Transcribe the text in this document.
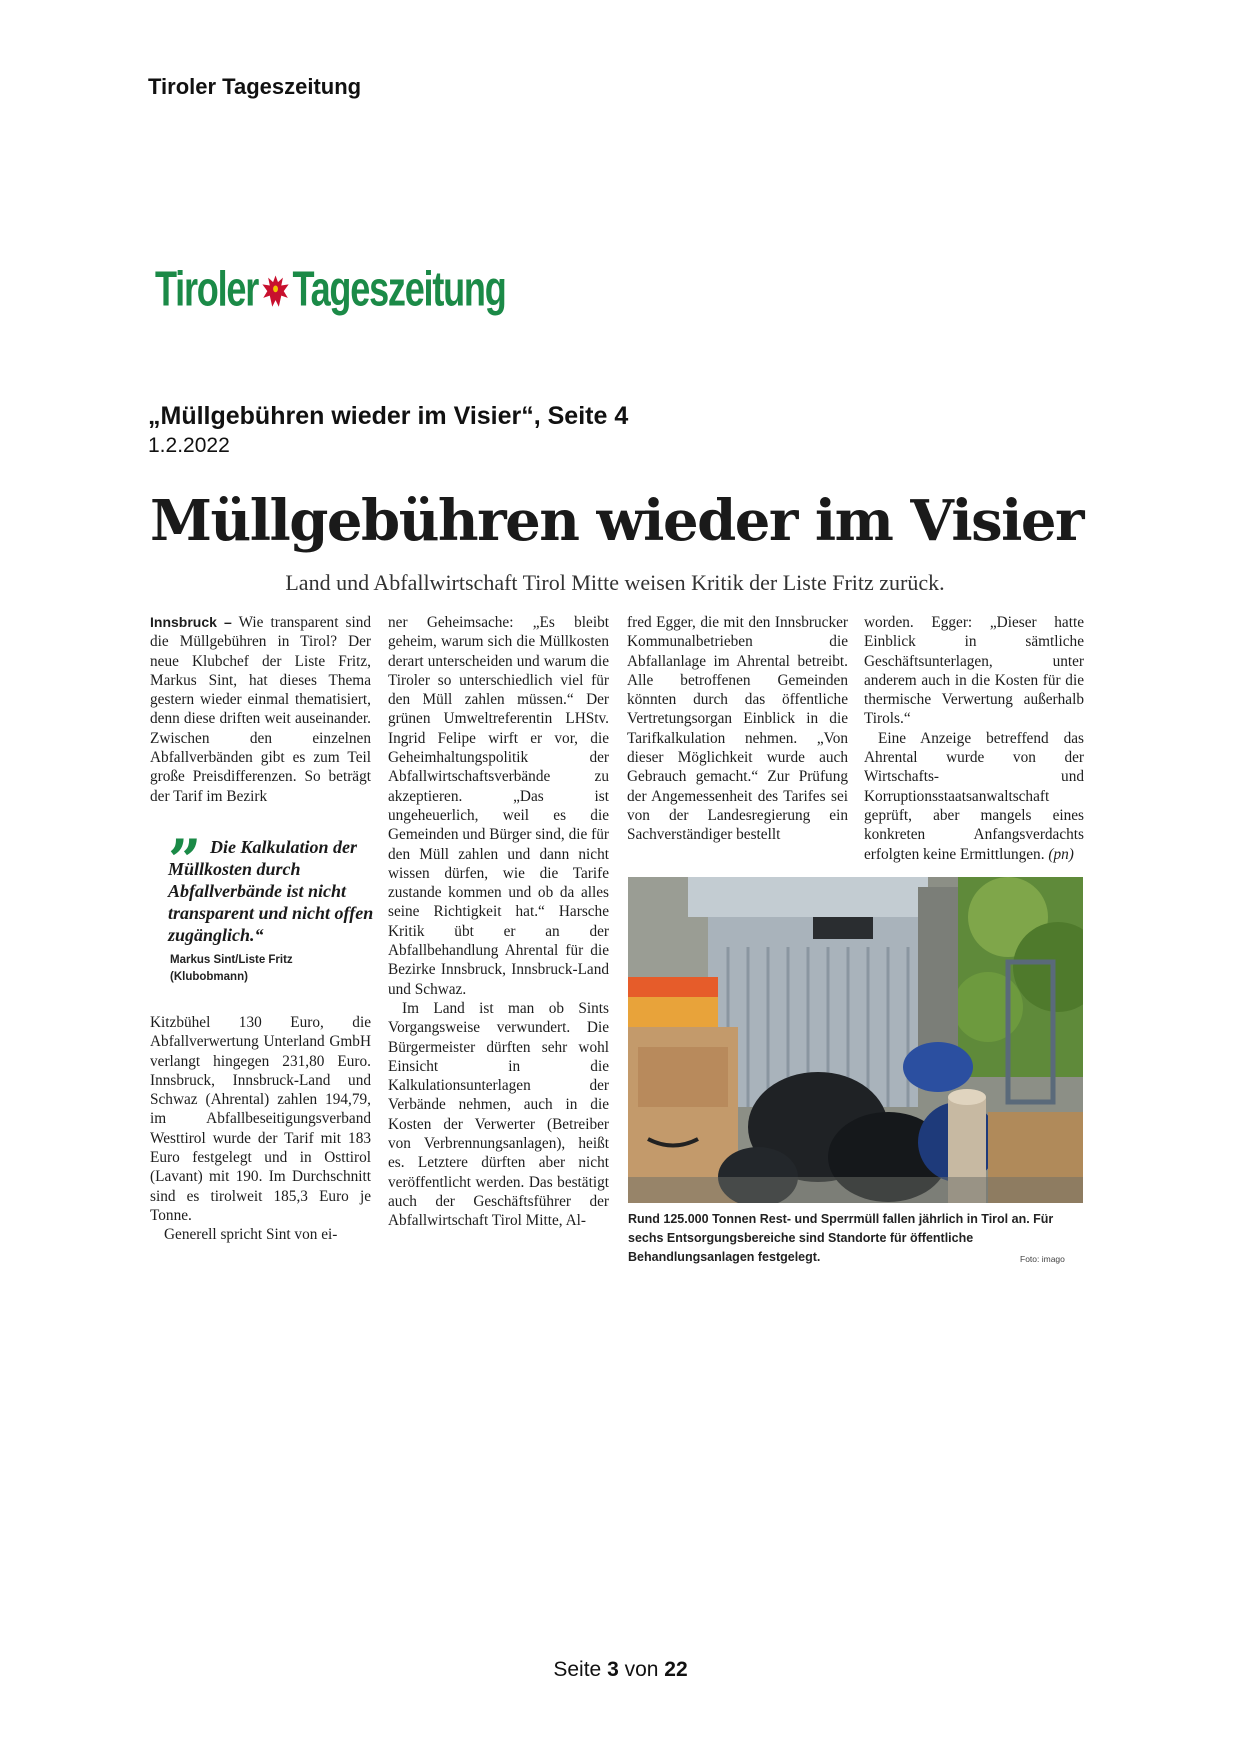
Tiroler Tageszeitung
Tiroler Tageszeitung
„Müllgebühren wieder im Visier“, Seite 4
1.2.2022
Müllgebühren wieder im Visier
Land und Abfallwirtschaft Tirol Mitte weisen Kritik der Liste Fritz zurück.

Innsbruck – Wie transparent sind die Müllgebühren in Tirol? Der neue Klubchef der Liste Fritz, Markus Sint, hat dieses Thema gestern wieder einmal thematisiert, denn diese driften weit auseinander. Zwischen den einzelnen Abfallverbänden gibt es zum Teil große Preisdifferenzen. So beträgt der Tarif im Bezirk

” Die Kalkulation der Müllkosten durch Abfallverbände ist nicht transparent und nicht offen zugänglich.“

Markus Sint/Liste Fritz
(Klubobmann)

Kitzbühel 130 Euro, die Abfallverwertung Unterland GmbH verlangt hingegen 231,80 Euro. Innsbruck, Innsbruck-Land und Schwaz (Ahrental) zahlen 194,79, im Abfallbeseitigungsverband Westtirol wurde der Tarif mit 183 Euro festgelegt und in Osttirol (Lavant) mit 190. Im Durchschnitt sind es tirolweit 185,3 Euro je Tonne.

Generell spricht Sint von ei-

ner Geheimsache: „Es bleibt geheim, warum sich die Müllkosten derart unterscheiden und warum die Tiroler so unterschiedlich viel für den Müll zahlen müssen.“ Der grünen Umweltreferentin LHStv. Ingrid Felipe wirft er vor, die Geheimhaltungspolitik der Abfallwirtschaftsverbände zu akzeptieren. „Das ist ungeheuerlich, weil es die Gemeinden und Bürger sind, die für den Müll zahlen und dann nicht wissen dürfen, wie die Tarife zustande kommen und ob da alles seine Richtigkeit hat.“ Harsche Kritik übt er an der Abfallbehandlung Ahrental für die Bezirke Innsbruck, Innsbruck-Land und Schwaz.

Im Land ist man ob Sints Vorgangsweise verwundert. Die Bürgermeister dürften sehr wohl Einsicht in die Kalkulationsunterlagen der Verbände nehmen, auch in die Kosten der Verwerter (Betreiber von Verbrennungsanlagen), heißt es. Letztere dürften aber nicht veröffentlicht werden. Das bestätigt auch der Geschäftsführer der Abfallwirtschaft Tirol Mitte, Al-

fred Egger, die mit den Innsbrucker Kommunalbetrieben die Abfallanlage im Ahrental betreibt. Alle betroffenen Gemeinden könnten durch das öffentliche Vertretungsorgan Einblick in die Tarifkalkulation nehmen. „Von dieser Möglichkeit wurde auch Gebrauch gemacht.“ Zur Prüfung der Angemessenheit des Tarifes sei von der Landesregierung ein Sachverständiger bestellt

worden. Egger: „Dieser hatte Einblick in sämtliche Geschäftsunterlagen, unter anderem auch in die Kosten für die thermische Verwertung außerhalb Tirols.“

Eine Anzeige betreffend das Ahrental wurde von der Wirtschafts- und Korruptionsstaatsanwaltschaft geprüft, aber mangels eines konkreten Anfangsverdachts erfolgten keine Ermittlungen. (pn)

Rund 125.000 Tonnen Rest- und Sperrmüll fallen jährlich in Tirol an. Für sechs Entsorgungsbereiche sind Standorte für öffentliche Behandlungsanlagen festgelegt.	Foto: imago
Seite 3 von 22
